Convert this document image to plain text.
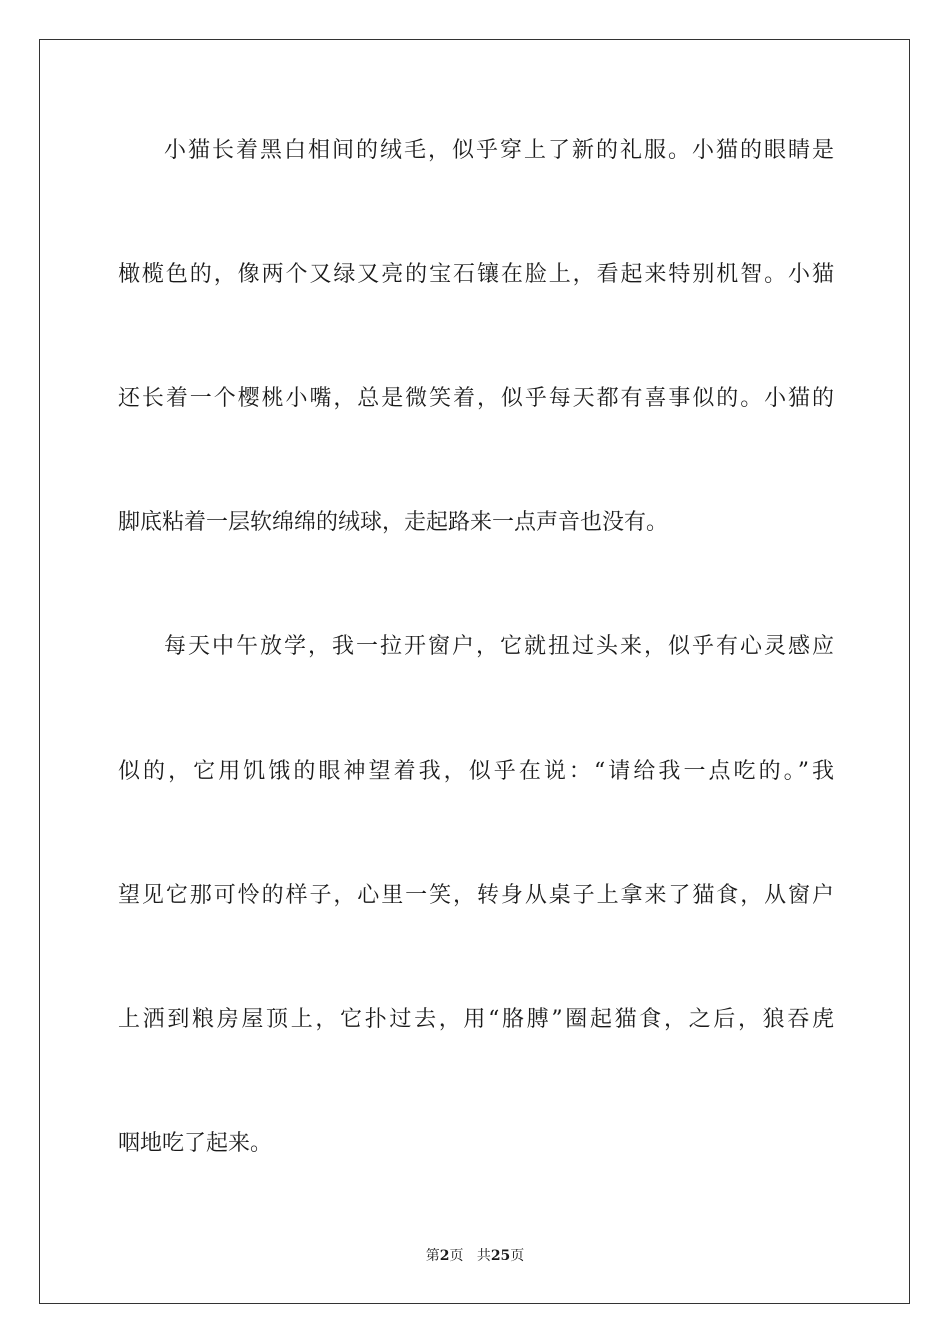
小猫长着黑白相间的绒毛，似乎穿上了新的礼服。小猫的眼睛是
橄榄色的，像两个又绿又亮的宝石镶在脸上，看起来特别机智。小猫
还长着一个樱桃小嘴，总是微笑着，似乎每天都有喜事似的。小猫的
脚底粘着一层软绵绵的绒球，走起路来一点声音也没有。
每天中午放学，我一拉开窗户，它就扭过头来，似乎有心灵感应
似的，它用饥饿的眼神望着我，似乎在说：“请给我一点吃的。”我
望见它那可怜的样子，心里一笑，转身从桌子上拿来了猫食，从窗户
上洒到粮房屋顶上，它扑过去，用“胳膊”圈起猫食，之后，狼吞虎
咽地吃了起来。
第2页 共25页
